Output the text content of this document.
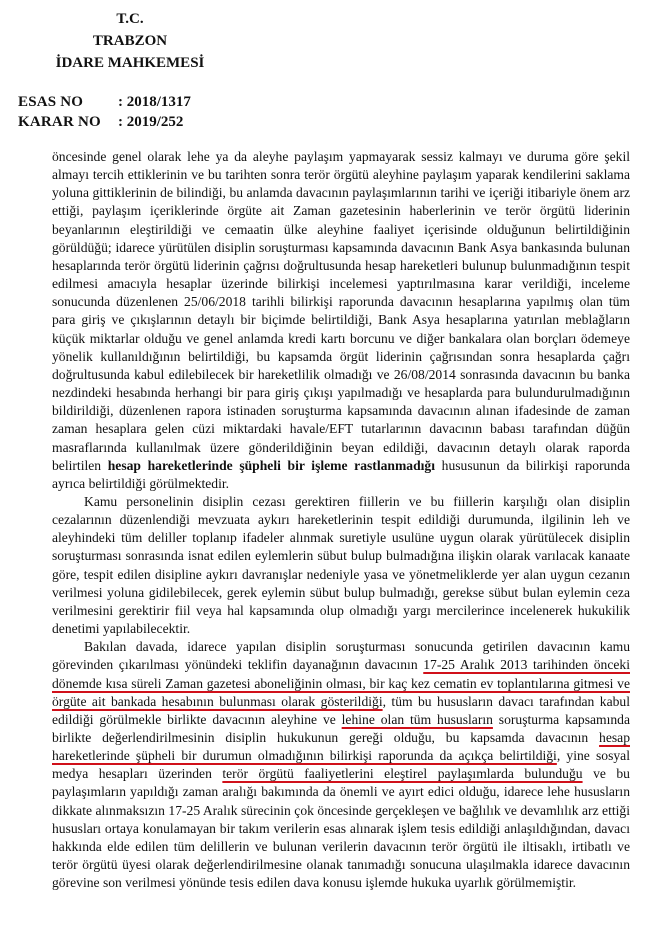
T.C.
TRABZON
İDARE MAHKEMESİ
ESAS NO	: 2018/1317
KARAR NO	: 2019/252

öncesinde genel olarak lehe ya da aleyhe paylaşım yapmayarak sessiz kalmayı ve duruma göre şekil almayı tercih ettiklerinin ve bu tarihten sonra terör örgütü aleyhine paylaşım yaparak kendilerini saklama yoluna gittiklerinin de bilindiği, bu anlamda davacının paylaşımlarının tarihi ve içeriği itibariyle önem arz ettiği, paylaşım içeriklerinde örgüte ait Zaman gazetesinin haberlerinin ve terör örgütü liderinin beyanlarının eleştirildiği ve cemaatin ülke aleyhine faaliyet içerisinde olduğunun belirtildiğinin görüldüğü; idarece yürütülen disiplin soruşturması kapsamında davacının Bank Asya bankasında bulunan hesaplarında terör örgütü liderinin çağrısı doğrultusunda hesap hareketleri bulunup bulunmadığının tespit edilmesi amacıyla hesaplar üzerinde bilirkişi incelemesi yaptırılmasına karar verildiği, inceleme sonucunda düzenlenen 25/06/2018 tarihli bilirkişi raporunda davacının hesaplarına yapılmış olan tüm para giriş ve çıkışlarının detaylı bir biçimde belirtildiği, Bank Asya hesaplarına yatırılan meblağların küçük miktarlar olduğu ve genel anlamda kredi kartı borcunu ve diğer bankalara olan borçları ödemeye yönelik kullanıldığının belirtildiği, bu kapsamda örgüt liderinin çağrısından sonra hesaplarda çağrı doğrultusunda kabul edilebilecek bir hareketlilik olmadığı ve 26/08/2014 sonrasında davacının bu banka nezdindeki hesabında herhangi bir para giriş çıkışı yapılmadığı ve hesaplarda para bulundurulmadığının bildirildiği, düzenlenen rapora istinaden soruşturma kapsamında davacının alınan ifadesinde de zaman zaman hesaplara gelen cüzi miktardaki havale/EFT tutarlarının davacının babası tarafından düğün masraflarında kullanılmak üzere gönderildiğinin beyan edildiği, davacının detaylı olarak raporda belirtilen hesap hareketlerinde şüpheli bir işleme rastlanmadığı hususunun da bilirkişi raporunda ayrıca belirtildiği görülmektedir.

Kamu personelinin disiplin cezası gerektiren fiillerin ve bu fiillerin karşılığı olan disiplin cezalarının düzenlendiği mevzuata aykırı hareketlerinin tespit edildiği durumunda, ilgilinin leh ve aleyhindeki tüm deliller toplanıp ifadeler alınmak suretiyle usulüne uygun olarak yürütülecek disiplin soruşturması sonrasında isnat edilen eylemlerin sübut bulup bulmadığına ilişkin olarak varılacak kanaate göre, tespit edilen disipline aykırı davranışlar nedeniyle yasa ve yönetmeliklerde yer alan uygun cezanın verilmesi yoluna gidilebilecek, gerek eylemin sübut bulup bulmadığı, gerekse sübut bulan eylemin ceza verilmesini gerektirir fiil veya hal kapsamında olup olmadığı yargı mercilerince incelenerek hukukilik denetimi yapılabilecektir.

Bakılan davada, idarece yapılan disiplin soruşturması sonucunda getirilen davacının kamu görevinden çıkarılması yönündeki teklifin dayanağının davacının 17-25 Aralık 2013 tarihinden önceki dönemde kısa süreli Zaman gazetesi aboneliğinin olması, bir kaç kez cematin ev toplantılarına gitmesi ve örgüte ait bankada hesabının bulunması olarak gösterildiği, tüm bu hususların davacı tarafından kabul edildiği görülmekle birlikte davacının aleyhine ve lehine olan tüm hususların soruşturma kapsamında birlikte değerlendirilmesinin disiplin hukukunun gereği olduğu, bu kapsamda davacının hesap hareketlerinde şüpheli bir durumun olmadığının bilirkişi raporunda da açıkça belirtildiği, yine sosyal medya hesapları üzerinden terör örgütü faaliyetlerini eleştirel paylaşımlarda bulunduğu ve bu paylaşımların yapıldığı zaman aralığı bakımında da önemli ve ayırt edici olduğu, idarece lehe hususların dikkate alınmaksızın 17-25 Aralık sürecinin çok öncesinde gerçekleşen ve bağlılık ve devamlılık arz ettiği hususları ortaya konulamayan bir takım verilerin esas alınarak işlem tesis edildiği anlaşıldığından, davacı hakkında elde edilen tüm delillerin ve bulunan verilerin davacının terör örgütü ile iltisaklı, irtibatlı ve terör örgütü üyesi olarak değerlendirilmesine olanak tanımadığı sonucuna ulaşılmakla idarece davacının görevine son verilmesi yönünde tesis edilen dava konusu işlemde hukuka uyarlık görülmemiştir.
